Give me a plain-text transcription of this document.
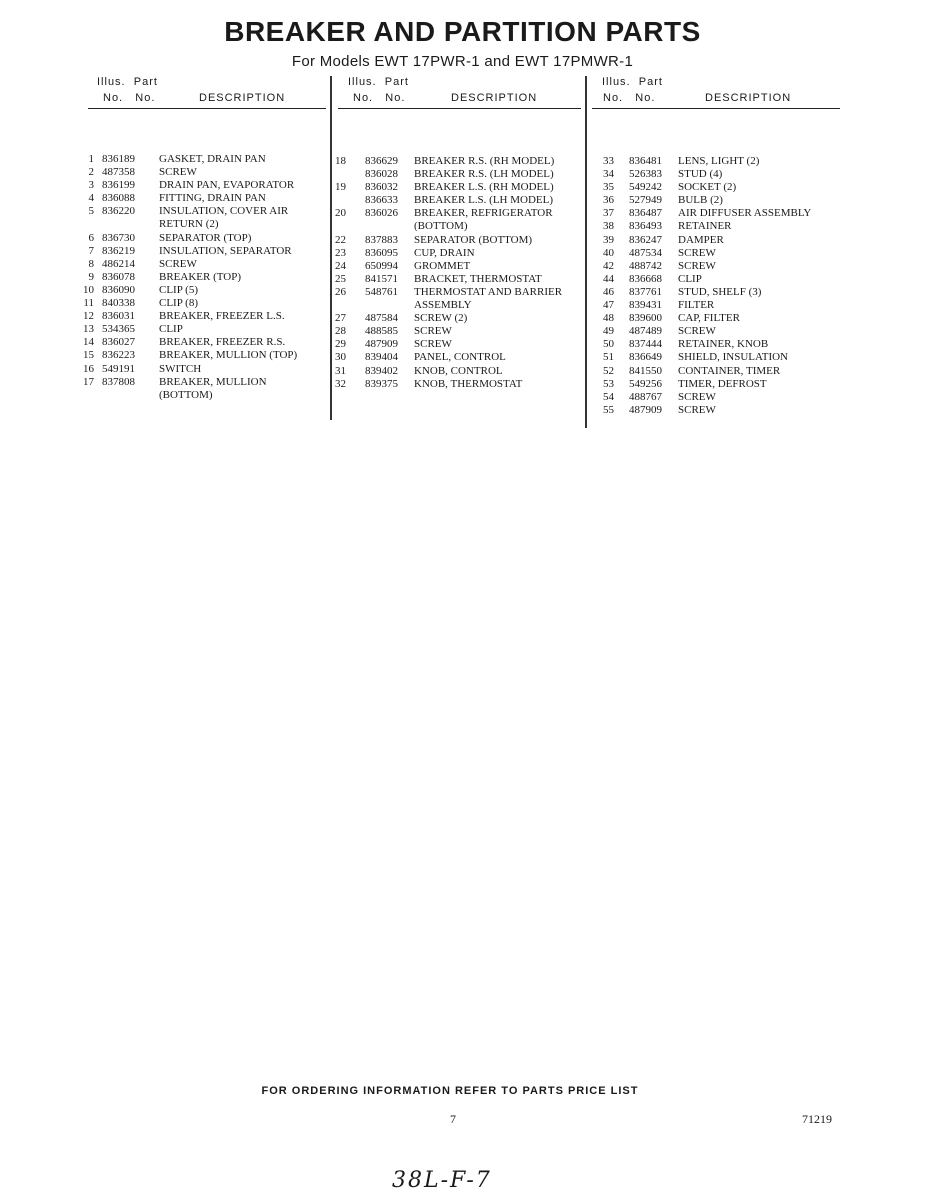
BREAKER AND PARTITION PARTS
For Models EWT 17PWR-1 and EWT 17PMWR-1
Illus. Part
No. No.	DESCRIPTION
Illus. Part
No. No.	DESCRIPTION
Illus. Part
No. No.	DESCRIPTION
1 836189 GASKET, DRAIN PAN
2 487358 SCREW
3 836199 DRAIN PAN, EVAPORATOR
4 836088 FITTING, DRAIN PAN
5 836220 INSULATION, COVER AIR
RETURN (2)
6 836730 SEPARATOR (TOP)
7 836219 INSULATION, SEPARATOR
8 486214 SCREW
9 836078 BREAKER (TOP)
10 836090 CLIP (5)
11 840338 CLIP (8)
12 836031 BREAKER, FREEZER L.S.
13 534365 CLIP
14 836027 BREAKER, FREEZER R.S.
15 836223 BREAKER, MULLION (TOP)
16 549191 SWITCH
17 837808 BREAKER, MULLION
(BOTTOM)
18 836629 BREAKER R.S. (RH MODEL)
836028 BREAKER R.S. (LH MODEL)
19 836032 BREAKER L.S. (RH MODEL)
836633 BREAKER L.S. (LH MODEL)
20 836026 BREAKER, REFRIGERATOR
(BOTTOM)
22 837883 SEPARATOR (BOTTOM)
23 836095 CUP, DRAIN
24 650994 GROMMET
25 841571 BRACKET, THERMOSTAT
26 548761 THERMOSTAT AND BARRIER
ASSEMBLY
27 487584 SCREW (2)
28 488585 SCREW
29 487909 SCREW
30 839404 PANEL, CONTROL
31 839402 KNOB, CONTROL
32 839375 KNOB, THERMOSTAT
33 836481 LENS, LIGHT (2)
34 526383 STUD (4)
35 549242 SOCKET (2)
36 527949 BULB (2)
37 836487 AIR DIFFUSER ASSEMBLY
38 836493 RETAINER
39 836247 DAMPER
40 487534 SCREW
42 488742 SCREW
44 836668 CLIP
46 837761 STUD, SHELF (3)
47 839431 FILTER
48 839600 CAP, FILTER
49 487489 SCREW
50 837444 RETAINER, KNOB
51 836649 SHIELD, INSULATION
52 841550 CONTAINER, TIMER
53 549256 TIMER, DEFROST
54 488767 SCREW
55 487909 SCREW
FOR ORDERING INFORMATION REFER TO PARTS PRICE LIST
7	71219
38L-F-7
